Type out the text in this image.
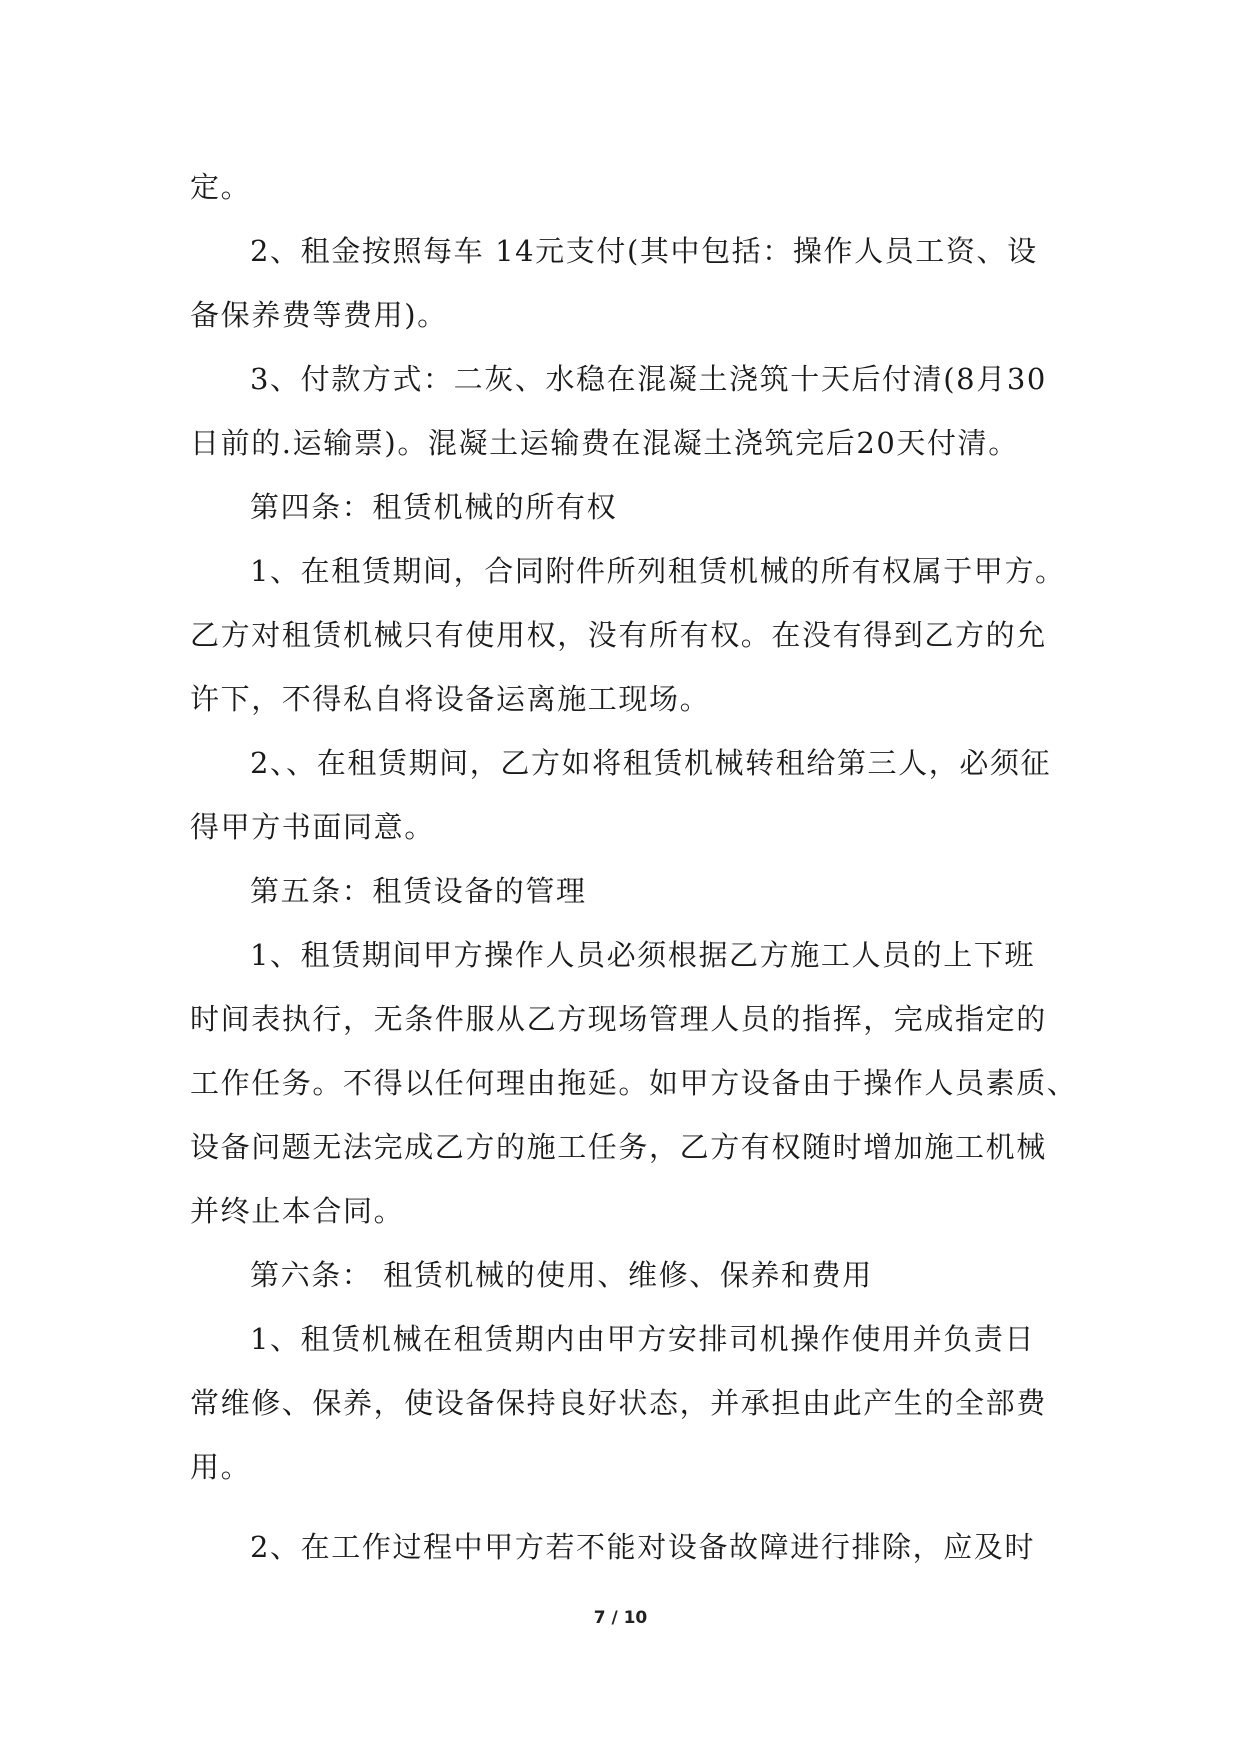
定。

2、租金按照每车 14元支付(其中包括：操作人员工资、设

备保养费等费用)。

3、付款方式：二灰、水稳在混凝土浇筑十天后付清(8月30

日前的.运输票)。混凝土运输费在混凝土浇筑完后20天付清。

第四条：租赁机械的所有权

1、在租赁期间，合同附件所列租赁机械的所有权属于甲方。

乙方对租赁机械只有使用权，没有所有权。在没有得到乙方的允

许下，不得私自将设备运离施工现场。

2、、在租赁期间，乙方如将租赁机械转租给第三人，必须征

得甲方书面同意。

第五条：租赁设备的管理

1、租赁期间甲方操作人员必须根据乙方施工人员的上下班

时间表执行，无条件服从乙方现场管理人员的指挥，完成指定的

工作任务。不得以任何理由拖延。如甲方设备由于操作人员素质、

设备问题无法完成乙方的施工任务，乙方有权随时增加施工机械

并终止本合同。

第六条： 租赁机械的使用、维修、保养和费用

1、租赁机械在租赁期内由甲方安排司机操作使用并负责日

常维修、保养，使设备保持良好状态，并承担由此产生的全部费

用。

2、在工作过程中甲方若不能对设备故障进行排除，应及时

7 / 10
